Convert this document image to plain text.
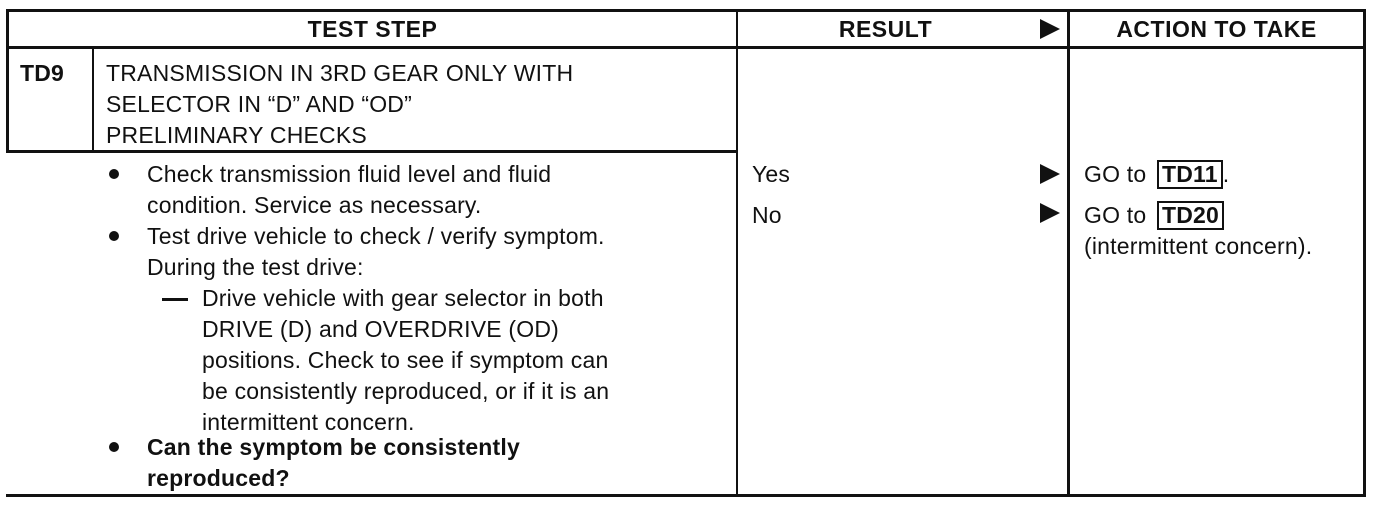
TEST STEP	RESULT	ACTION TO TAKE
TD9 TRANSMISSION IN 3RD GEAR ONLY WITH
SELECTOR IN “D” AND “OD”
PRELIMINARY CHECKS
Check transmission fluid level and fluid
condition. Service as necessary.
Test drive vehicle to check / verify symptom.
During the test drive:
Drive vehicle with gear selector in both
DRIVE (D) and OVERDRIVE (OD)
positions. Check to see if symptom can
be consistently reproduced, or if it is an
intermittent concern.
Can the symptom be consistently
reproduced?
Yes
No
GO to TD11 .
GO to TD20
(intermittent concern).
